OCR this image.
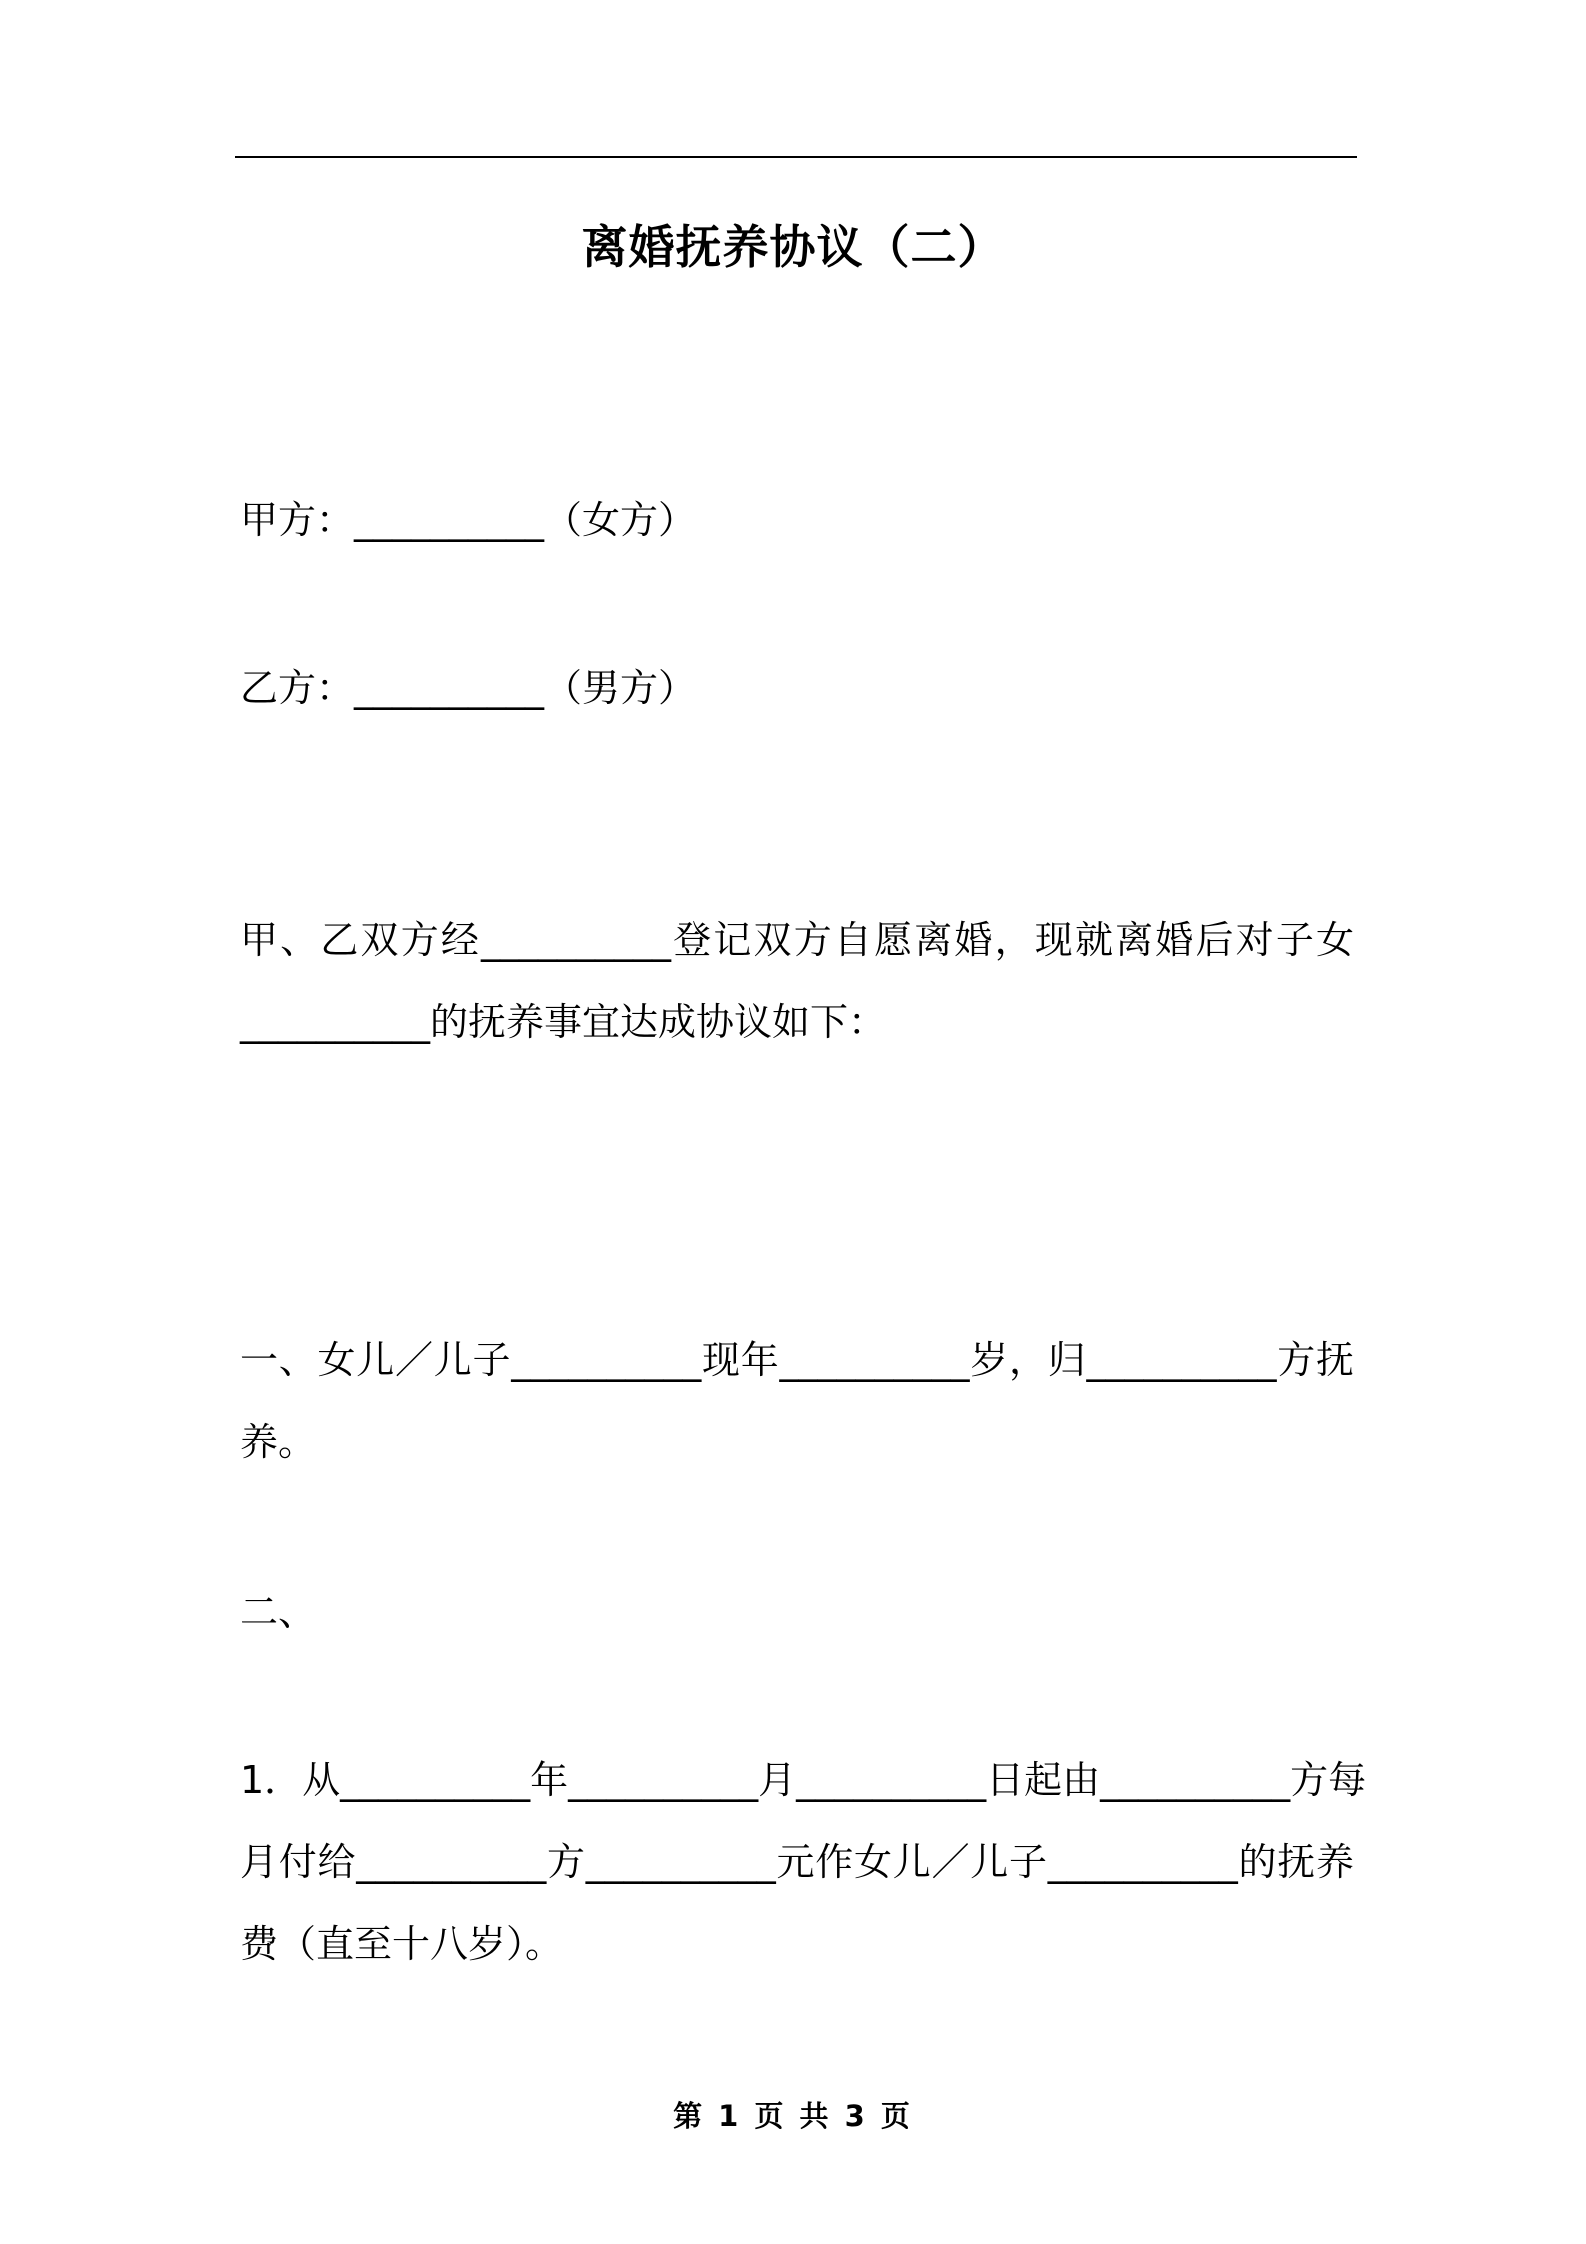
离婚抚养协议（二）
甲方：__________（女方）
乙方：__________（男方）
甲、乙双方经__________登记双方自愿离婚，现就离婚后对子女
__________的抚养事宜达成协议如下：
一、女儿／儿子__________现年__________岁，归__________方抚
养。
二、
1．从__________年__________月__________日起由__________方每
月付给__________方__________元作女儿／儿子__________的抚养
费（直至十八岁）。
第 1 页 共 3 页
